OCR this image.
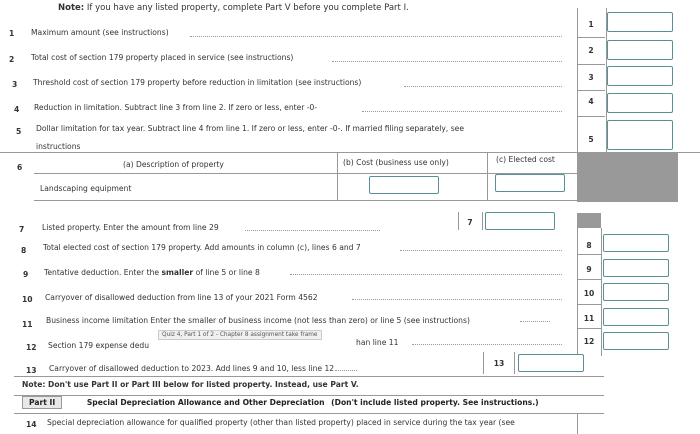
Note: If you have any listed property, complete Part V before you complete Part I.
1 Maximum amount (see instructions)
1
2 Total cost of section 179 property placed in service (see instructions)
2
3 Threshold cost of section 179 property before reduction in limitation (see instructions)
3
4 Reduction in limitation. Subtract line 3 from line 2. If zero or less, enter -0-
4
5 Dollar limitation for tax year. Subtract line 4 from line 1. If zero or less, enter -0-. If married filing separately, see
instructions
5
6	(a) Description of property	(b) Cost (business use only)	(c) Elected cost
Landscaping equipment
7 Listed property. Enter the amount from line 29
7
8 Total elected cost of section 179 property. Add amounts in column (c), lines 6 and 7	8
9 Tentative deduction. Enter the smaller of line 5 or line 8	9
10 Carryover of disallowed deduction from line 13 of your 2021 Form 4562	10
11 Business income limitation Enter the smaller of business income (not less than zero) or line 5 (see instructions)	11
Quiz 4, Part 1 of 2 - Chapter 8 assignment take frame
12 Section 179 expense dedu	han line 11	12
13 Carryover of disallowed deduction to 2023. Add lines 9 and 10, less line 12
13
Note: Don't use Part II or Part III below for listed property. Instead, use Part V.
Part II	Special Depreciation Allowance and Other Depreciation (Don't include listed property. See instructions.)
14 Special depreciation allowance for qualified property (other than listed property) placed in service during the tax year (see
